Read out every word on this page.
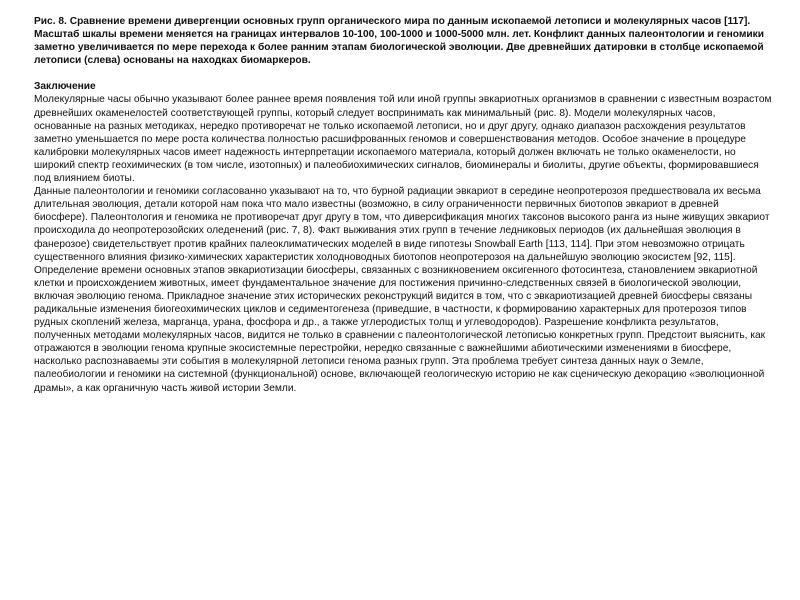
Рис. 8. Сравнение времени дивергенции основных групп органического мира по данным ископаемой летописи и молекулярных часов [117]. Масштаб шкалы времени меняется на границах интервалов 10-100, 100-1000 и 1000-5000 млн. лет. Конфликт данных палеонтологии и геномики заметно увеличивается по мере перехода к более ранним этапам биологической эволюции. Две древнейших датировки в столбце ископаемой летописи (слева) основаны на находках биомаркеров.

Заключение

Молекулярные часы обычно указывают более раннее время появления той или иной группы эвкариотных организмов в сравнении с известным возрастом древнейших окаменелостей соответствующей группы, который следует воспринимать как минимальный (рис. 8). Модели молекулярных часов, основанные на разных методиках, нередко противоречат не только ископаемой летописи, но и друг другу, однако диапазон расхождения результатов заметно уменьшается по мере роста количества полностью расшифрованных геномов и совершенствования методов. Особое значение в процедуре калибровки молекулярных часов имеет надежность интерпретации ископаемого материала, который должен включать не только окаменелости, но широкий спектр геохимических (в том числе, изотопных) и палеобиохимических сигналов, биоминералы и биолиты, другие объекты, формировавшиеся под влиянием биоты.

Данные палеонтологии и геномики согласованно указывают на то, что бурной радиации эвкариот в середине неопротерозоя предшествовала их весьма длительная эволюция, детали которой нам пока что мало известны (возможно, в силу ограниченности первичных биотопов эвкариот в древней биосфере). Палеонтология и геномика не противоречат друг другу в том, что диверсификация многих таксонов высокого ранга из ныне живущих эвкариот происходила до неопротерозойских оледенений (рис. 7, 8). Факт выживания этих групп в течение ледниковых периодов (их дальнейшая эволюция в фанерозое) свидетельствует против крайних палеоклиматических моделей в виде гипотезы Snowball Earth [113, 114]. При этом невозможно отрицать существенного влияния физико-химических характеристик холодноводных биотопов неопротерозоя на дальнейшую эволюцию экосистем [92, 115].

Определение времени основных этапов эвкариотизации биосферы, связанных с возникновением оксигенного фотосинтеза, становлением эвкариотной клетки и происхождением животных, имеет фундаментальное значение для постижения причинно-следственных связей в биологической эволюции, включая эволюцию генома. Прикладное значение этих исторических реконструкций видится в том, что с эвкариотизацией древней биосферы связаны радикальные изменения биогеохимических циклов и седиментогенеза (приведшие, в частности, к формированию характерных для протерозоя типов рудных скоплений железа, марганца, урана, фосфора и др., а также углеродистых толщ и углеводородов). Разрешение конфликта результатов, полученных методами молекулярных часов, видится не только в сравнении с палеонтологической летописью конкретных групп. Предстоит выяснить, как отражаются в эволюции генома крупные экосистемные перестройки, нередко связанные с важнейшими абиотическими изменениями в биосфере, насколько распознаваемы эти события в молекулярной летописи генома разных групп. Эта проблема требует синтеза данных наук о Земле, палеобиологии и геномики на системной (функциональной) основе, включающей геологическую историю не как сценическую декорацию «эволюционной драмы», а как органичную часть живой истории Земли.
